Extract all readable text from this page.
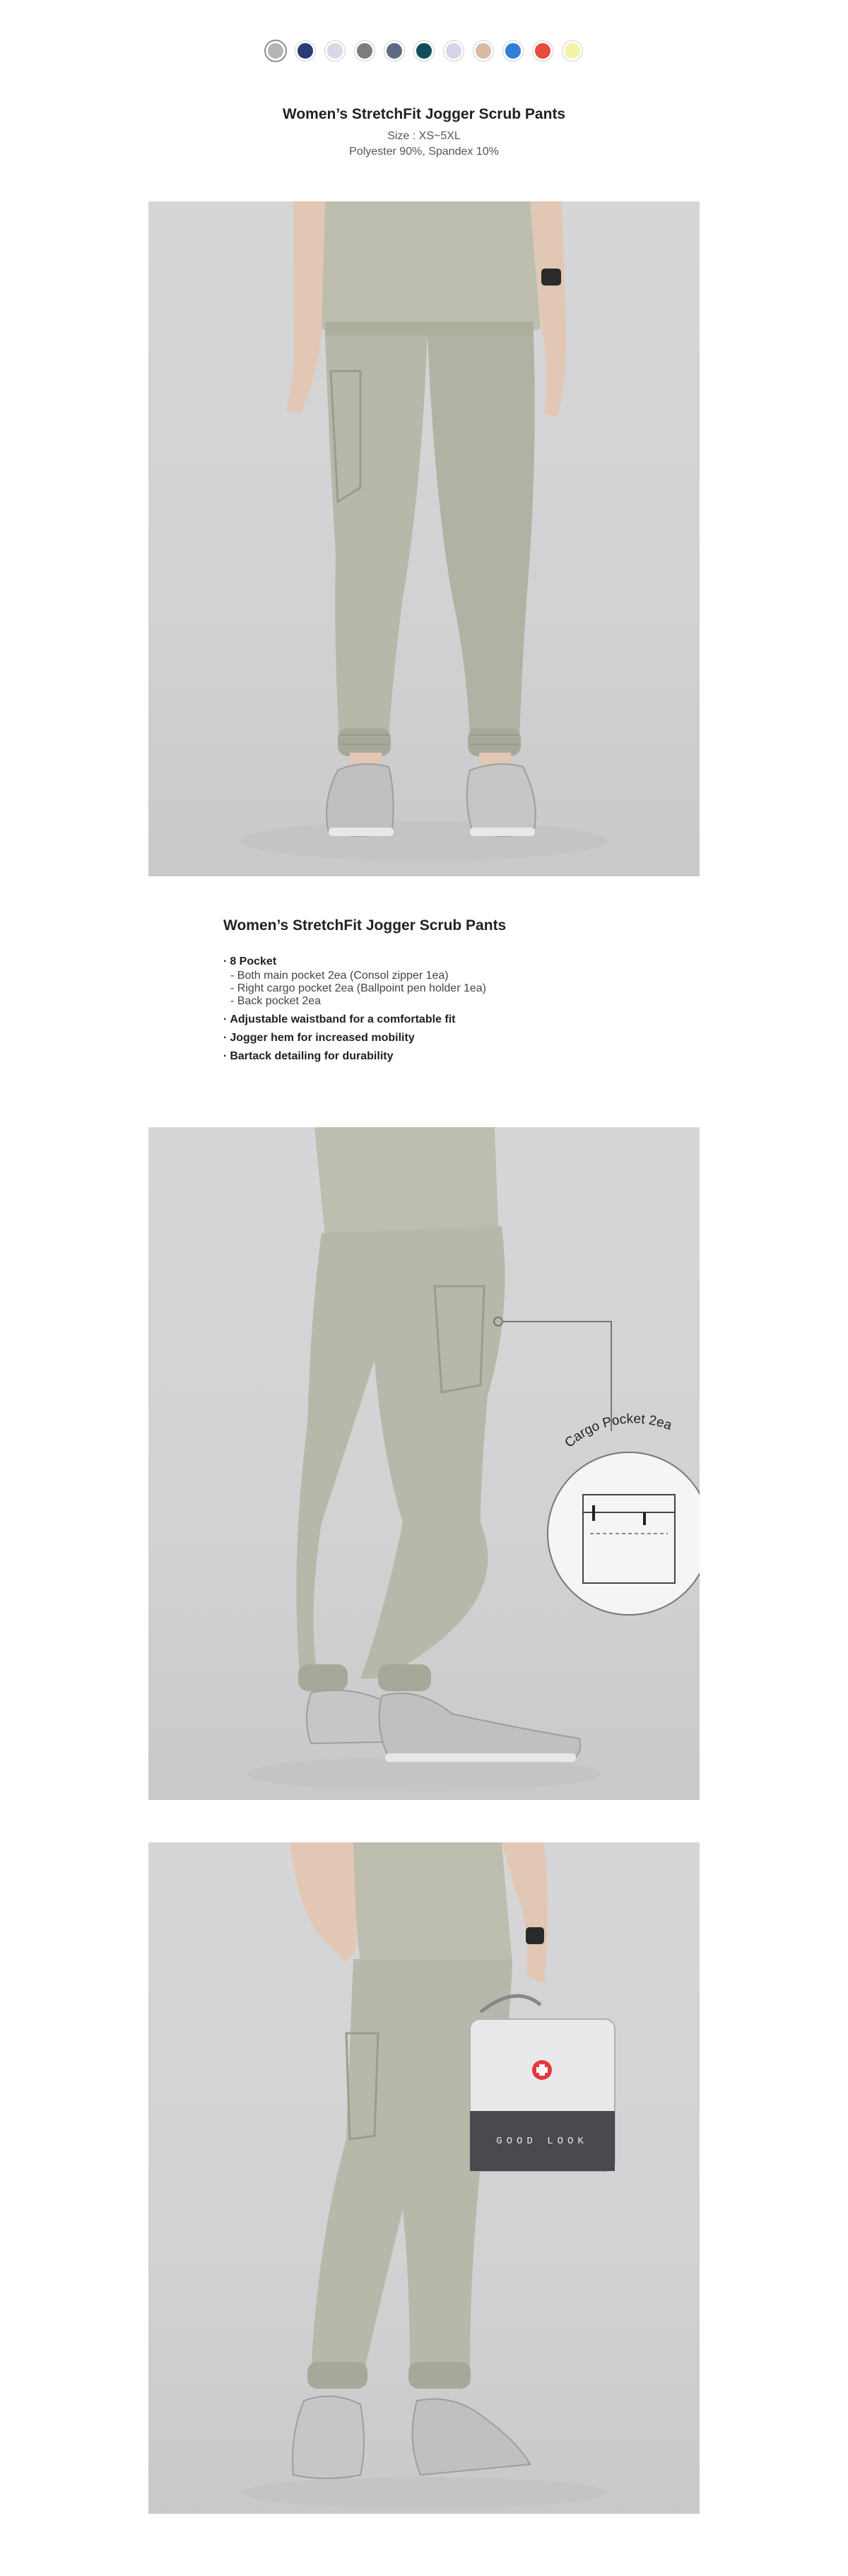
Women’s StretchFit Jogger Scrub Pants

Size : XS~5XL

Polyester 90%, Spandex 10%

Women’s StretchFit Jogger Scrub Pants
· 8 Pocket
- Both main pocket 2ea (Consol zipper 1ea)
- Right cargo pocket 2ea (Ballpoint pen holder 1ea)
- Back pocket 2ea
· Adjustable waistband for a comfortable fit
· Jogger hem for increased mobility
· Bartack detailing for durability
Cargo Pocket 2ea
GOOD LOOK
